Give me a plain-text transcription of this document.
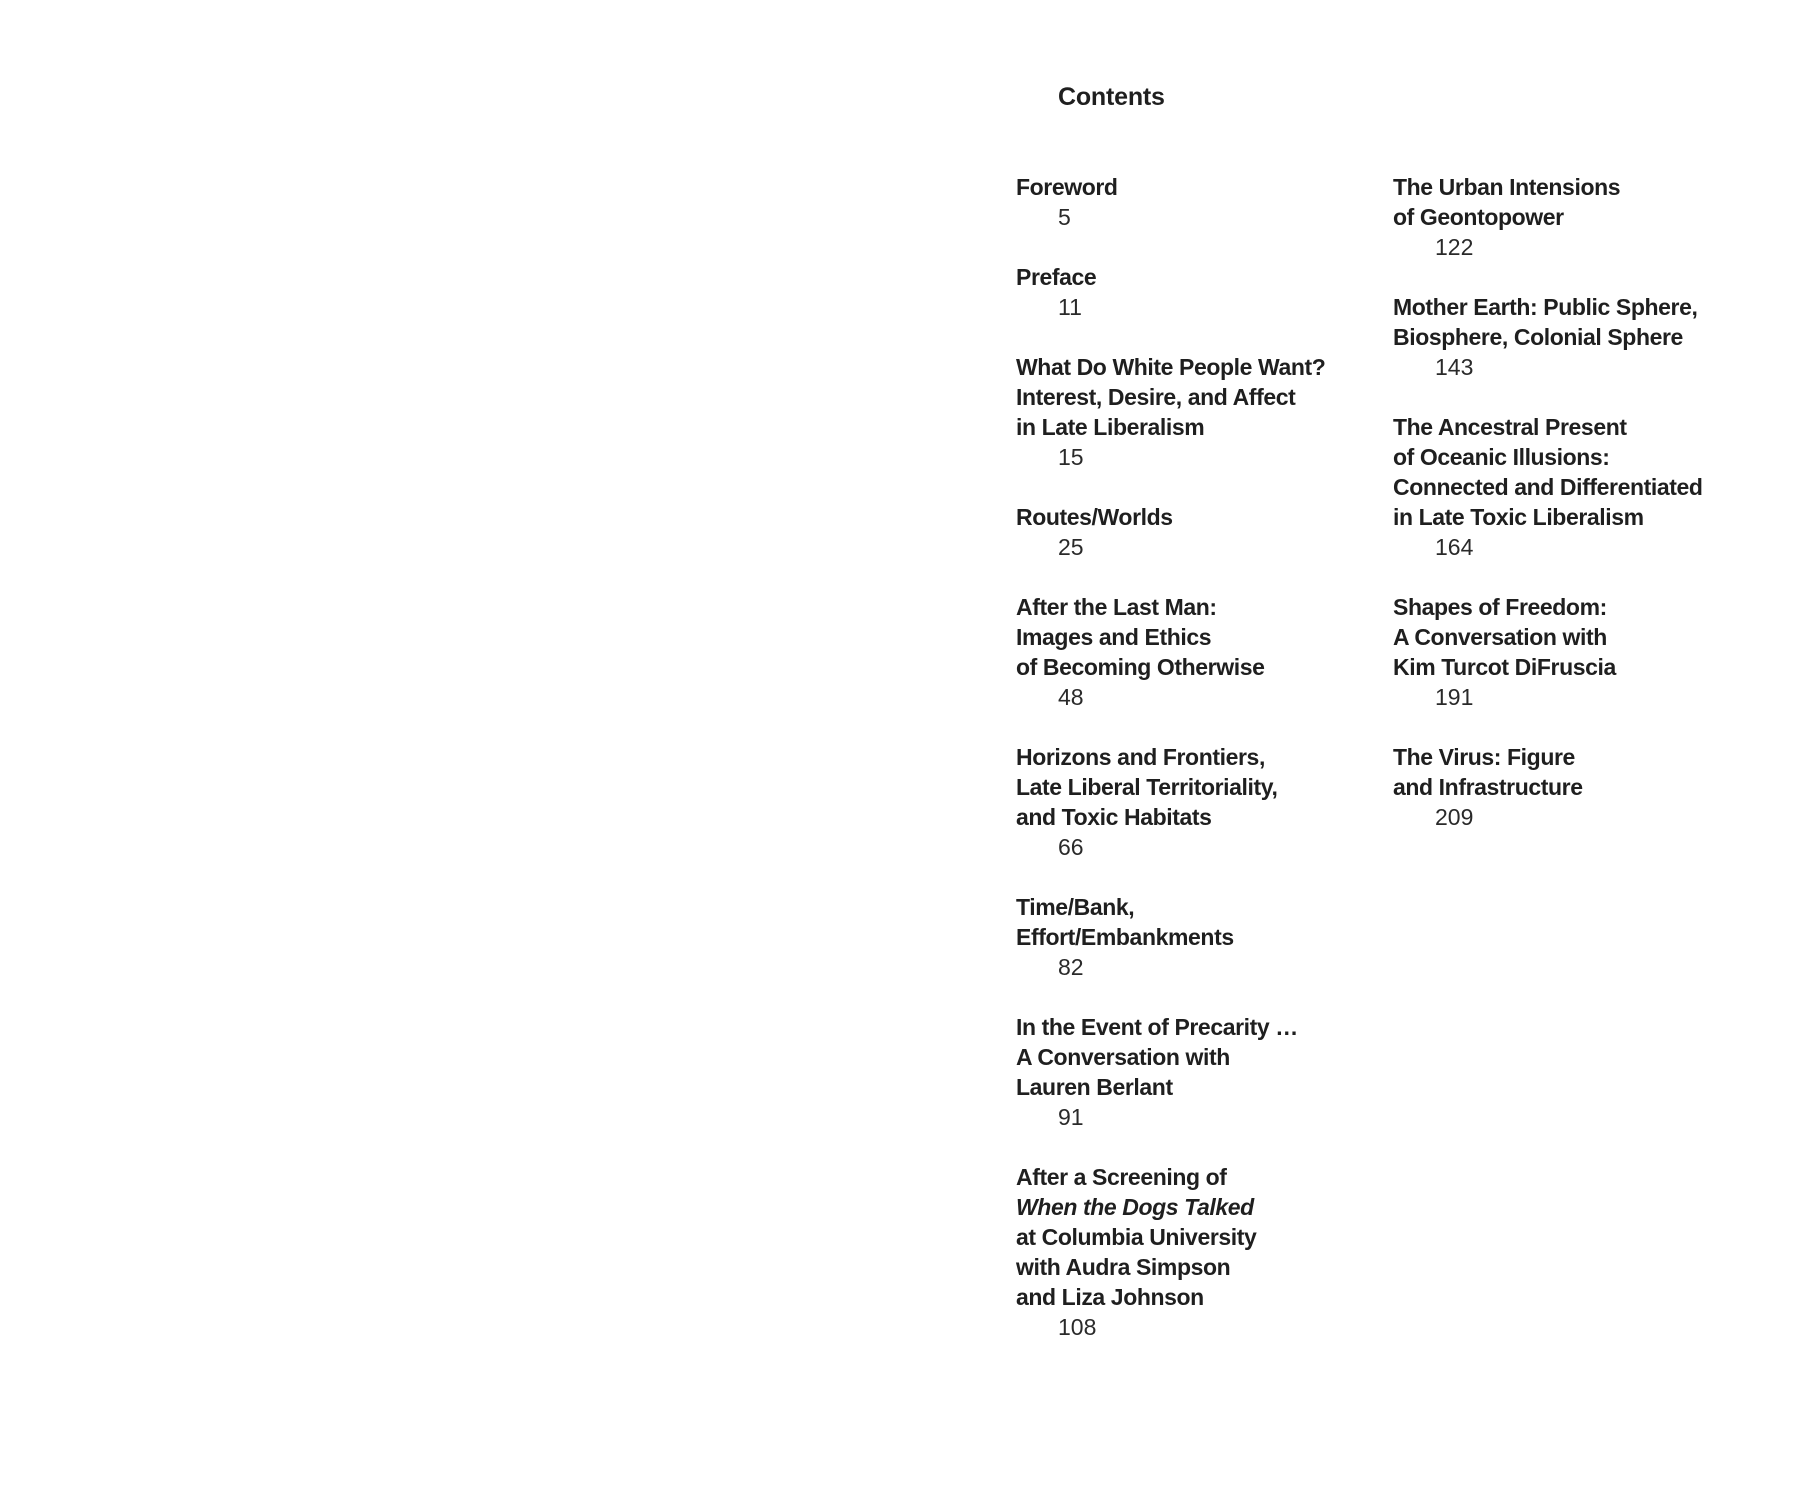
Contents
Foreword
5
Preface
11
What Do White People Want?
Interest, Desire, and Affect
in Late Liberalism
15
Routes/Worlds
25
After the Last Man:
Images and Ethics
of Becoming Otherwise
48
Horizons and Frontiers,
Late Liberal Territoriality,
and Toxic Habitats
66
Time/Bank,
Effort/Embankments
82
In the Event of Precarity …
A Conversation with
Lauren Berlant
91
After a Screening of
When the Dogs Talked
at Columbia University
with Audra Simpson
and Liza Johnson
108
The Urban Intensions
of Geontopower
122
Mother Earth: Public Sphere,
Biosphere, Colonial Sphere
143
The Ancestral Present
of Oceanic Illusions:
Connected and Differentiated
in Late Toxic Liberalism
164
Shapes of Freedom:
A Conversation with
Kim Turcot DiFruscia
191
The Virus: Figure
and Infrastructure
209
